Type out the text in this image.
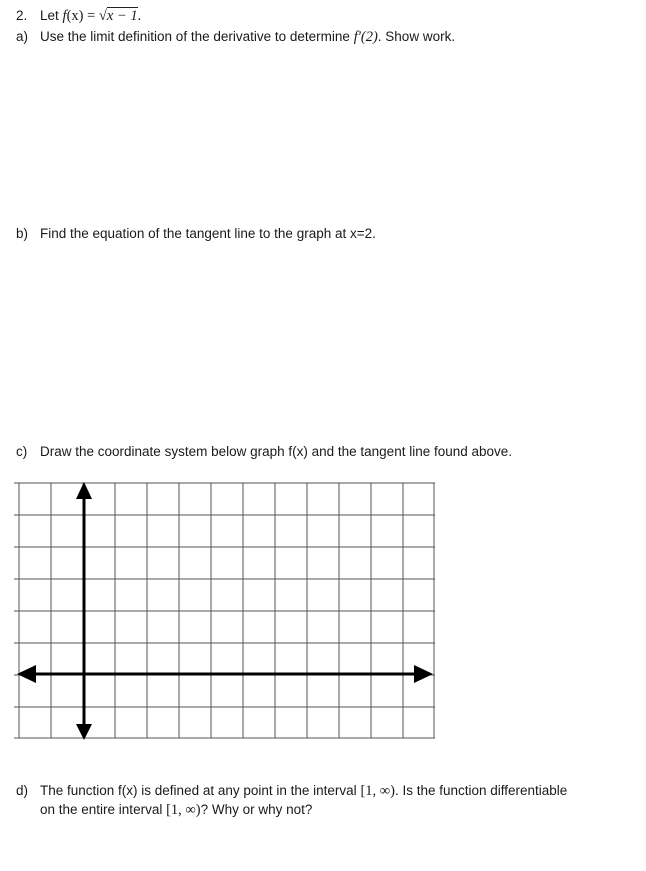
2. Let f(x) = √x − 1.
a) Use the limit definition of the derivative to determine f′(2). Show work.
b) Find the equation of the tangent line to the graph at x=2.
c) Draw the coordinate system below graph f(x) and the tangent line found above.
d) The function f(x) is defined at any point in the interval [1, ∞). Is the function differentiable
on the entire interval [1, ∞)? Why or why not?
